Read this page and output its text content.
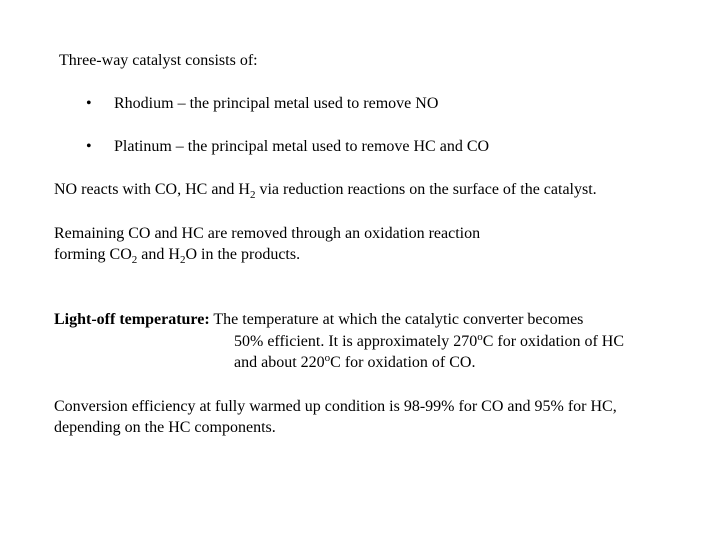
Three-way catalyst consists of:
• Rhodium – the principal metal used to remove NO
• Platinum – the principal metal used to remove HC and CO
NO reacts with CO, HC and $H_2$ via reduction reactions on the surface of the catalyst.
Remaining CO and HC are removed through an oxidation reaction
forming $CO_2$ and $H_2O$ in the products.
Light-off temperature: The temperature at which the catalytic converter becomes
50% efficient. It is approximately 270$^o$C for oxidation of HC
and about 220$^o$C for oxidation of CO.
Conversion efficiency at fully warmed up condition is 98-99% for CO and 95% for HC,
depending on the HC components.
